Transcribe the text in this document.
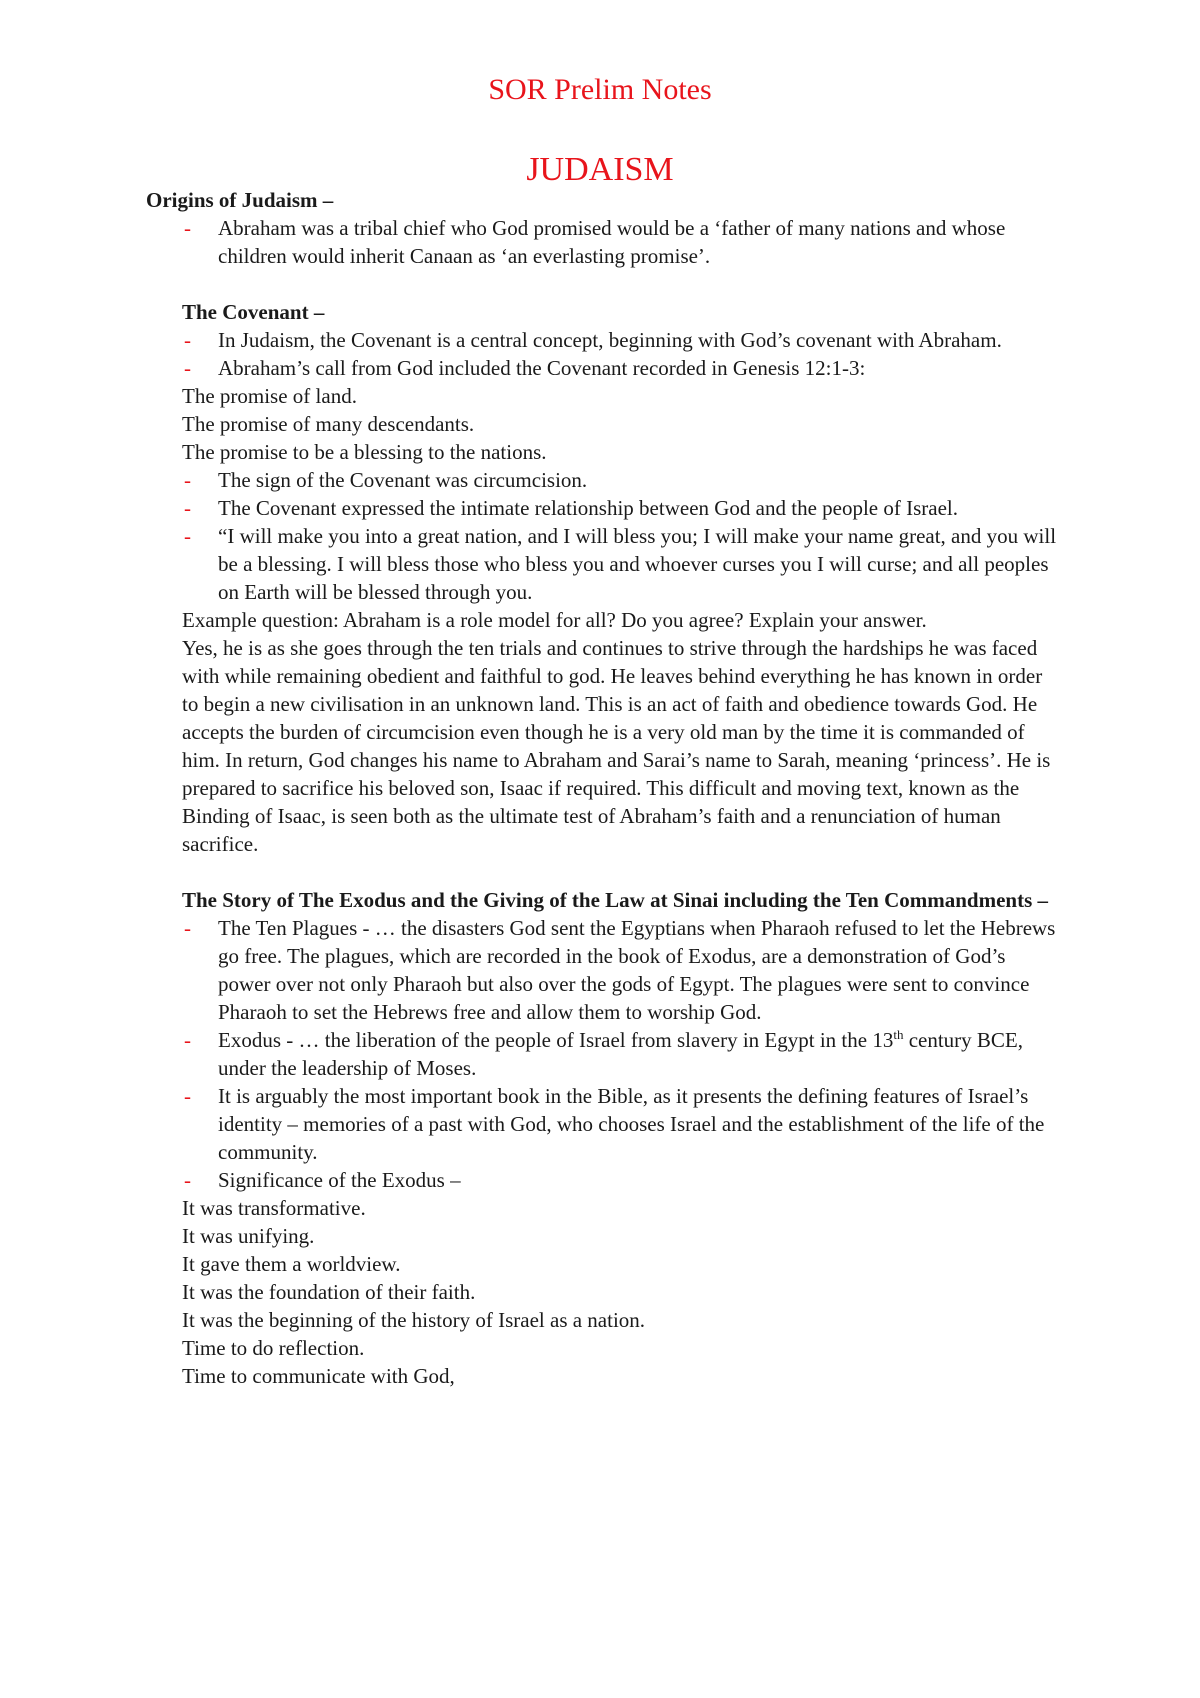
SOR Prelim Notes
JUDAISM

Origins of Judaism –

- Abraham was a tribal chief who God promised would be a ‘father of many nations and whose children would inherit Canaan as ‘an everlasting promise’.

The Covenant –

- In Judaism, the Covenant is a central concept, beginning with God’s covenant with Abraham.
- Abraham’s call from God included the Covenant recorded in Genesis 12:1-3:

The promise of land.

The promise of many descendants.

The promise to be a blessing to the nations.

- The sign of the Covenant was circumcision.
- The Covenant expressed the intimate relationship between God and the people of Israel.
- “I will make you into a great nation, and I will bless you; I will make your name great, and you will be a blessing. I will bless those who bless you and whoever curses you I will curse; and all peoples on Earth will be blessed through you.

Example question: Abraham is a role model for all? Do you agree? Explain your answer.

Yes, he is as she goes through the ten trials and continues to strive through the hardships he was faced with while remaining obedient and faithful to god. He leaves behind everything he has known in order to begin a new civilisation in an unknown land. This is an act of faith and obedience towards God. He accepts the burden of circumcision even though he is a very old man by the time it is commanded of him. In return, God changes his name to Abraham and Sarai’s name to Sarah, meaning ‘princess’. He is prepared to sacrifice his beloved son, Isaac if required. This difficult and moving text, known as the Binding of Isaac, is seen both as the ultimate test of Abraham’s faith and a renunciation of human sacrifice.

The Story of The Exodus and the Giving of the Law at Sinai including the Ten Commandments –

- The Ten Plagues - … the disasters God sent the Egyptians when Pharaoh refused to let the Hebrews go free. The plagues, which are recorded in the book of Exodus, are a demonstration of God’s power over not only Pharaoh but also over the gods of Egypt. The plagues were sent to convince Pharaoh to set the Hebrews free and allow them to worship God.
- Exodus - … the liberation of the people of Israel from slavery in Egypt in the 13th century BCE, under the leadership of Moses.
- It is arguably the most important book in the Bible, as it presents the defining features of Israel’s identity – memories of a past with God, who chooses Israel and the establishment of the life of the community.
- Significance of the Exodus –

It was transformative.

It was unifying.

It gave them a worldview.

It was the foundation of their faith.

It was the beginning of the history of Israel as a nation.

Time to do reflection.

Time to communicate with God,
